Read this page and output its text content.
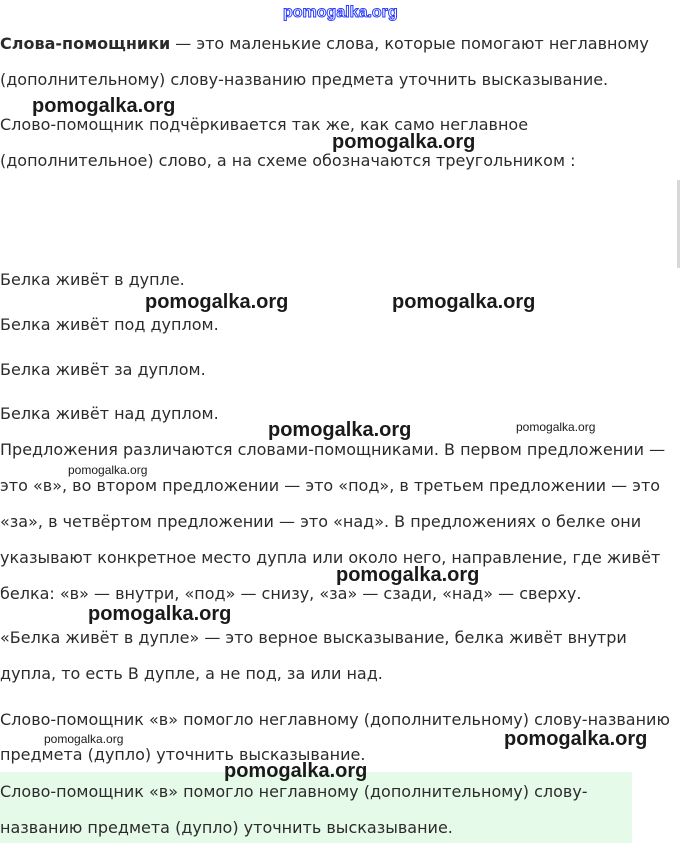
pomogalka.org
pomogalka.org
pomogalka.org
pomogalka.org	pomogalka.org
pomogalka.org	pomogalka.org
pomogalka.org
pomogalka.org
pomogalka.org
pomogalka.org	pomogalka.org
pomogalka.org
Слова-помощники — это маленькие слова, которые помогают неглавному
(дополнительному) слову-названию предмета уточнить высказывание.
Слово-помощник подчёркивается так же, как само неглавное
(дополнительное) слово, а на схеме обозначаются треугольником :
Белка живёт в дупле.
Белка живёт под дуплом.
Белка живёт за дуплом.
Белка живёт над дуплом.
Предложения различаются словами-помощниками. В первом предложении —
это «в», во втором предложении — это «под», в третьем предложении — это
«за», в четвёртом предложении — это «над». В предложениях о белке они
указывают конкретное место дупла или около него, направление, где живёт
белка: «в» — внутри, «под» — снизу, «за» — сзади, «над» — сверху.
«Белка живёт в дупле» — это верное высказывание, белка живёт внутри
дупла, то есть В дупле, а не под, за или над.
Слово-помощник «в» помогло неглавному (дополнительному) слову-названию
предмета (дупло) уточнить высказывание.
Слово-помощник «в» помогло неглавному (дополнительному) слову-
названию предмета (дупло) уточнить высказывание.
